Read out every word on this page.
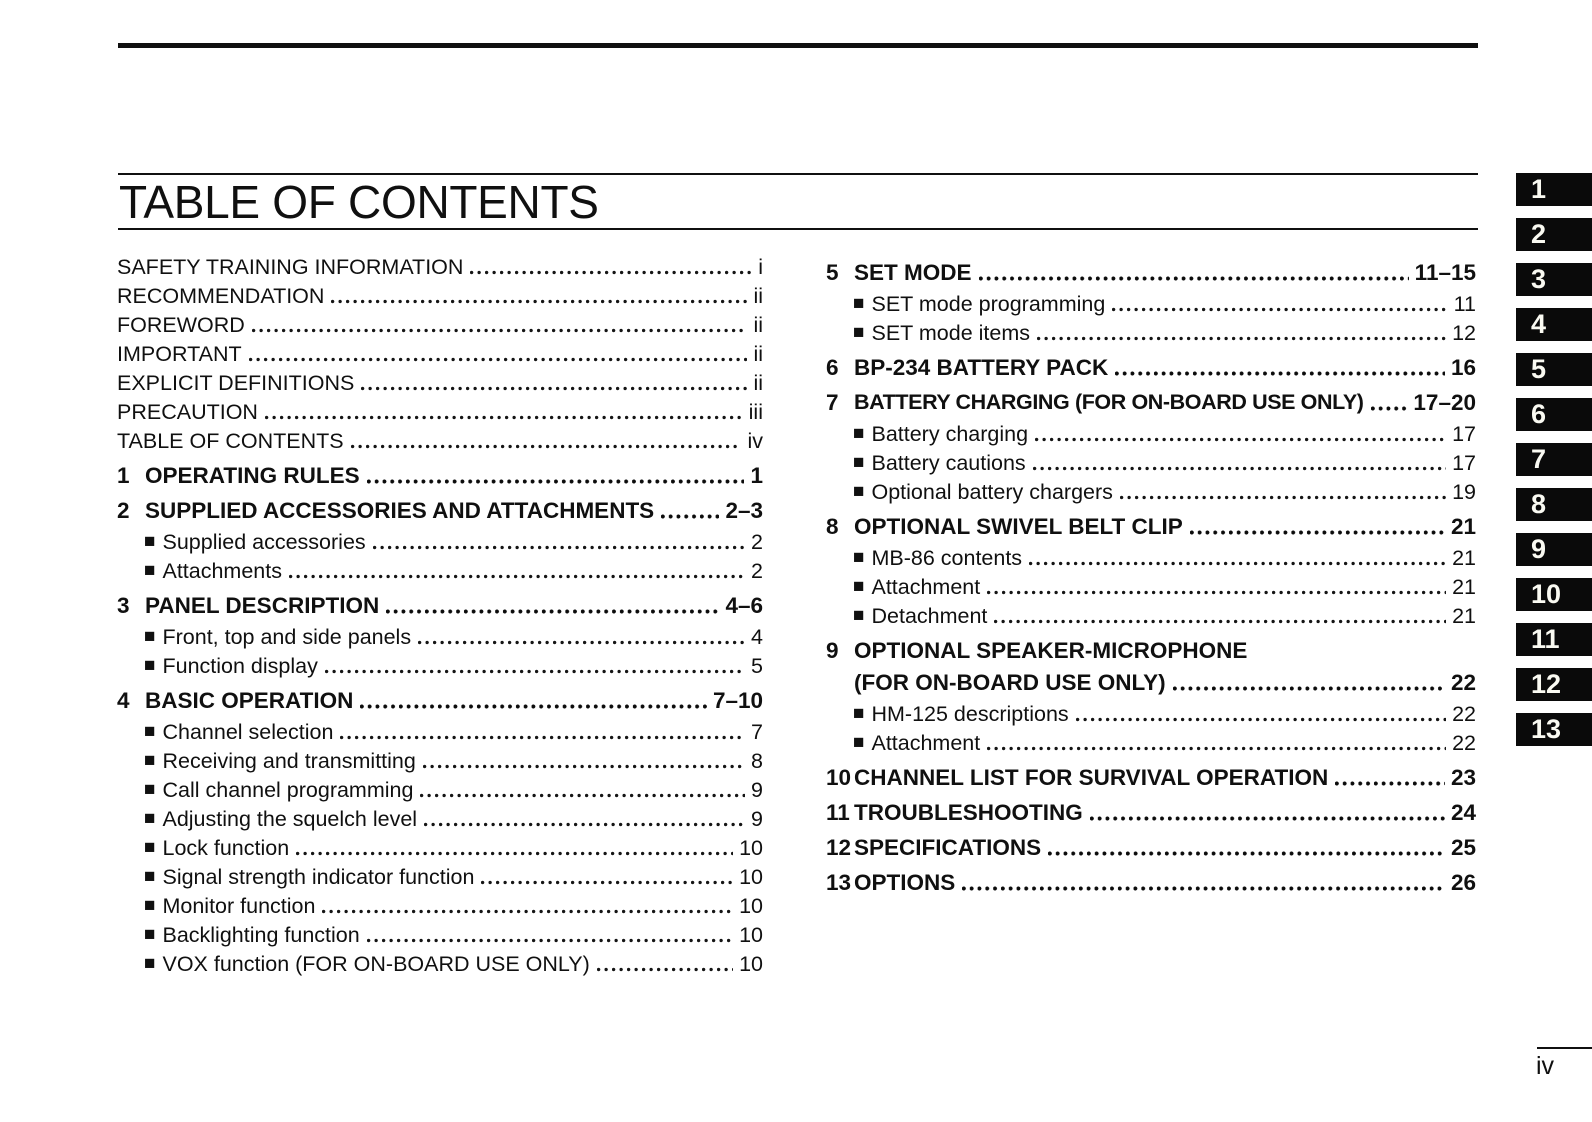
TABLE OF CONTENTS
SAFETY TRAINING INFORMATION	i
RECOMMENDATION	ii
FOREWORD	ii
IMPORTANT	ii
EXPLICIT DEFINITIONS	ii
PRECAUTION	iii
TABLE OF CONTENTS	iv
1 OPERATING RULES	1
2 SUPPLIED ACCESSORIES AND ATTACHMENTS	2–3
■ Supplied accessories	2
■ Attachments	2
3 PANEL DESCRIPTION	4–6
■ Front, top and side panels	4
■ Function display	5
4 BASIC OPERATION	7–10
■ Channel selection	7
■ Receiving and transmitting	8
■ Call channel programming	9
■ Adjusting the squelch level	9
■ Lock function	10
■ Signal strength indicator function	10
■ Monitor function	10
■ Backlighting function	10
■ VOX function (FOR ON-BOARD USE ONLY)	10
5 SET MODE	11–15
■ SET mode programming	11
■ SET mode items	12
6 BP-234 BATTERY PACK	16
7 BATTERY CHARGING (FOR ON-BOARD USE ONLY) 17–20
■ Battery charging	17
■ Battery cautions	17
■ Optional battery chargers	19
8 OPTIONAL SWIVEL BELT CLIP	21
■ MB-86 contents	21
■ Attachment	21
■ Detachment	21
9 OPTIONAL SPEAKER-MICROPHONE
(FOR ON-BOARD USE ONLY)	22
■ HM-125 descriptions	22
■ Attachment	22
10 CHANNEL LIST FOR SURVIVAL OPERATION	23
11 TROUBLESHOOTING	24
12 SPECIFICATIONS	25
13 OPTIONS	26
1
2
3
4
5
6
7
8
9
10
11
12
13
iv
